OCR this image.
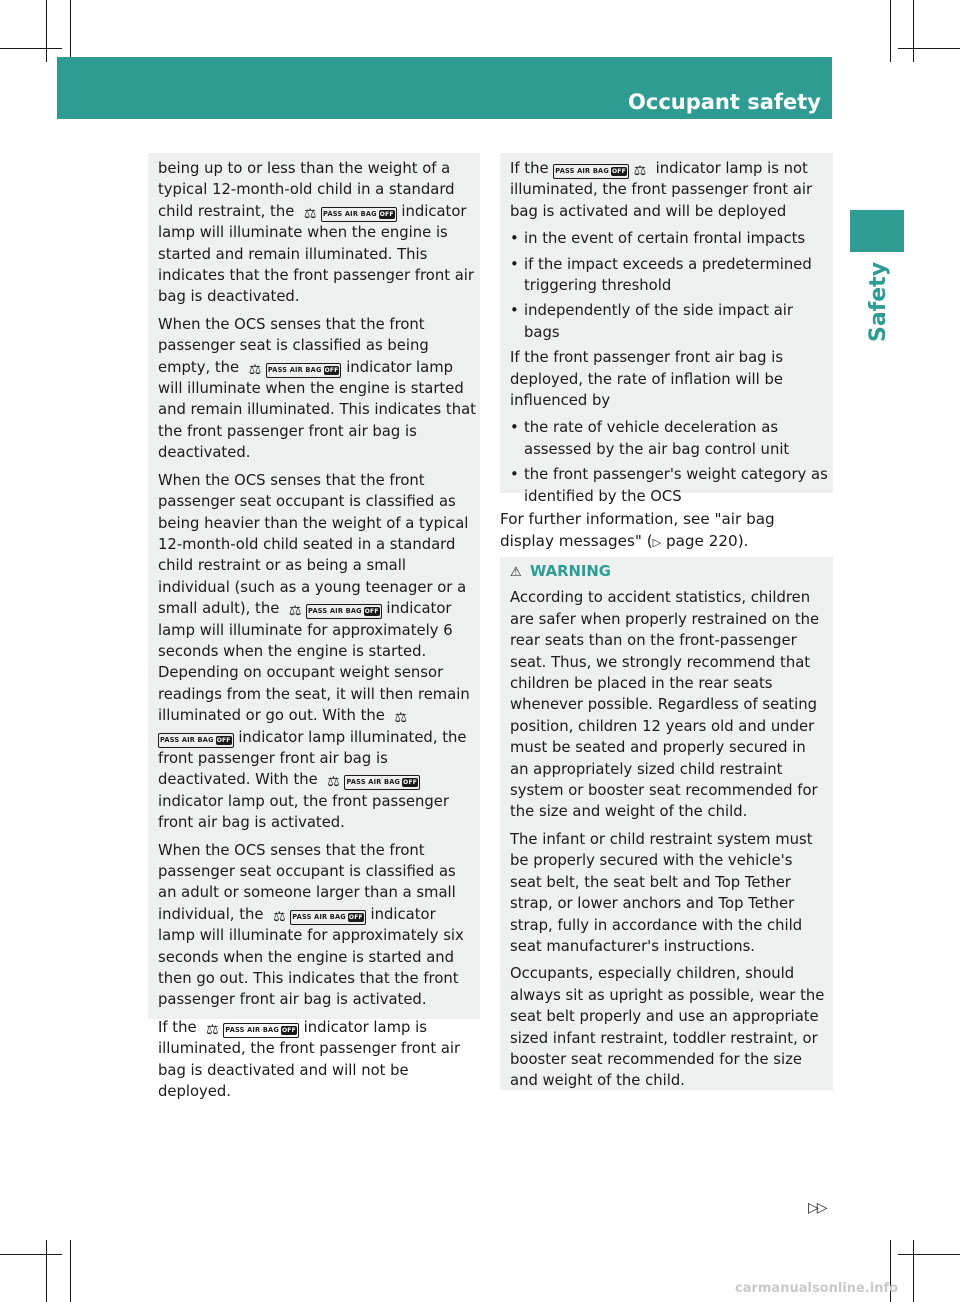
Occupant safety	45
Safety

being up to or less than the weight of a typical 12-month-old child in a standard child restraint, the ⚖ PASS AIR BAG OFF indicator lamp will illuminate when the engine is started and remain illuminated. This indicates that the front passenger front air bag is deactivated.

When the OCS senses that the front passenger seat is classified as being empty, the ⚖ PASS AIR BAG OFF indicator lamp will illuminate when the engine is started and remain illuminated. This indicates that the front passenger front air bag is deactivated.

When the OCS senses that the front passenger seat occupant is classified as being heavier than the weight of a typical 12-month-old child seated in a standard child restraint or as being a small individual (such as a young teenager or a small adult), the ⚖ PASS AIR BAG OFF indicator lamp will illuminate for approximately 6 seconds when the engine is started. Depending on occupant weight sensor readings from the seat, it will then remain illuminated or go out. With the ⚖PASS AIR BAG OFF indicator lamp illuminated, the front passenger front air bag is deactivated. With the ⚖ PASS AIR BAG OFF indicator lamp out, the front passenger front air bag is activated.

When the OCS senses that the front passenger seat occupant is classified as an adult or someone larger than a small individual, the ⚖ PASS AIR BAG OFF indicator lamp will illuminate for approximately six seconds when the engine is started and then go out. This indicates that the front passenger front air bag is activated.

If the ⚖ PASS AIR BAG OFF indicator lamp is illuminated, the front passenger front air bag is deactivated and will not be deployed.

If the PASS AIR BAG OFF ⚖ indicator lamp is not illuminated, the front passenger front air bag is activated and will be deployed

• in the event of certain frontal impacts
• if the impact exceeds a predetermined triggering threshold
• independently of the side impact air bags

If the front passenger front air bag is deployed, the rate of inflation will be influenced by

• the rate of vehicle deceleration as assessed by the air bag control unit
• the front passenger's weight category as identified by the OCS
For further information, see "air bag display messages" (▷ page 220).
⚠ WARNING

According to accident statistics, children are safer when properly restrained on the rear seats than on the front-passenger seat. Thus, we strongly recommend that children be placed in the rear seats whenever possible. Regardless of seating position, children 12 years old and under must be seated and properly secured in an appropriately sized child restraint system or booster seat recommended for the size and weight of the child.

The infant or child restraint system must be properly secured with the vehicle's seat belt, the seat belt and Top Tether strap, or lower anchors and Top Tether strap, fully in accordance with the child seat manufacturer's instructions.

Occupants, especially children, should always sit as upright as possible, wear the seat belt properly and use an appropriate sized infant restraint, toddler restraint, or booster seat recommended for the size and weight of the child.

▷▷
carmanualsonline.info
